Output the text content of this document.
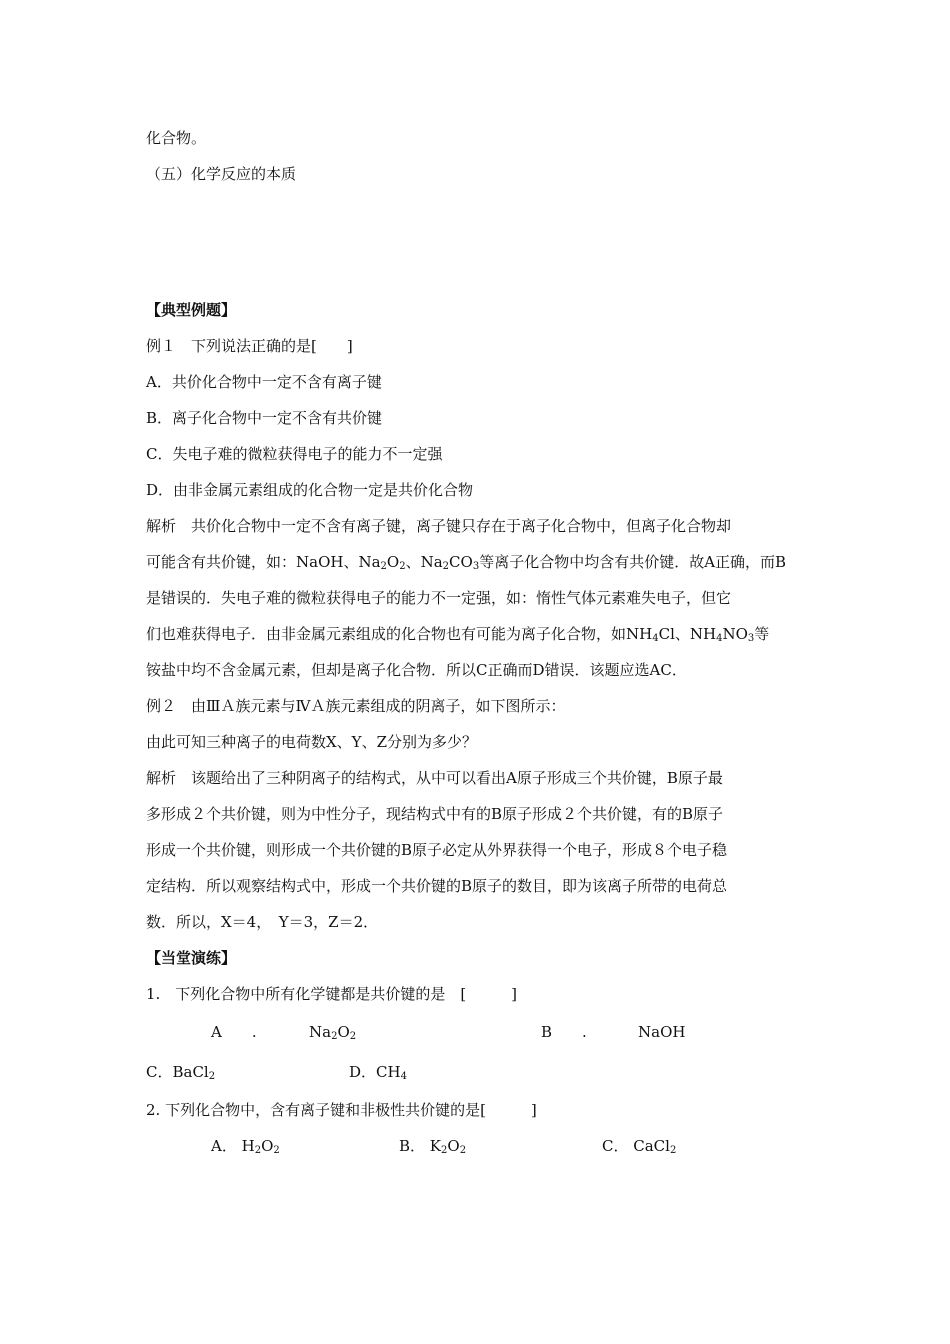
化合物。
（五）化学反应的本质
【典型例题】
例１　下列说法正确的是[　　]
A．共价化合物中一定不含有离子键
B．离子化合物中一定不含有共价键
C．失电子难的微粒获得电子的能力不一定强
D．由非金属元素组成的化合物一定是共价化合物
解析　共价化合物中一定不含有离子键，离子键只存在于离子化合物中，但离子化合物却
可能含有共价键，如：NaOH、$Na_2O_2$、$Na_2CO_3$等离子化合物中均含有共价键．故A正确，而B
是错误的．失电子难的微粒获得电子的能力不一定强，如：惰性气体元素难失电子，但它
们也难获得电子．由非金属元素组成的化合物也有可能为离子化合物，如$NH_4Cl$、$NH_4NO_3$等
铵盐中均不含金属元素，但却是离子化合物．所以C正确而D错误．该题应选AC．
例２　由ⅢＡ族元素与ⅣＡ族元素组成的阴离子，如下图所示：
由此可知三种离子的电荷数X、Y、Z分别为多少？
解析　该题给出了三种阴离子的结构式，从中可以看出A原子形成三个共价键，B原子最
多形成２个共价键，则为中性分子，现结构式中有的B原子形成２个共价键，有的B原子
形成一个共价键，则形成一个共价键的B原子必定从外界获得一个电子，形成８个电子稳
定结构．所以观察结构式中，形成一个共价键的B原子的数目，即为该离子所带的电荷总
数．所以，X＝4，　Y＝3，Z＝2．
【当堂演练】
1.　下列化合物中所有化学键都是共价键的是　[　　　]
A　　.	$Na_2O_2$	B　　.	NaOH
C．BaCl$_2$	D．$CH_4$
2. 下列化合物中，含有离子键和非极性共价键的是[　　　]
A． $H_2O_2$	B． $K_2O_2$	C． CaCl$_2$
